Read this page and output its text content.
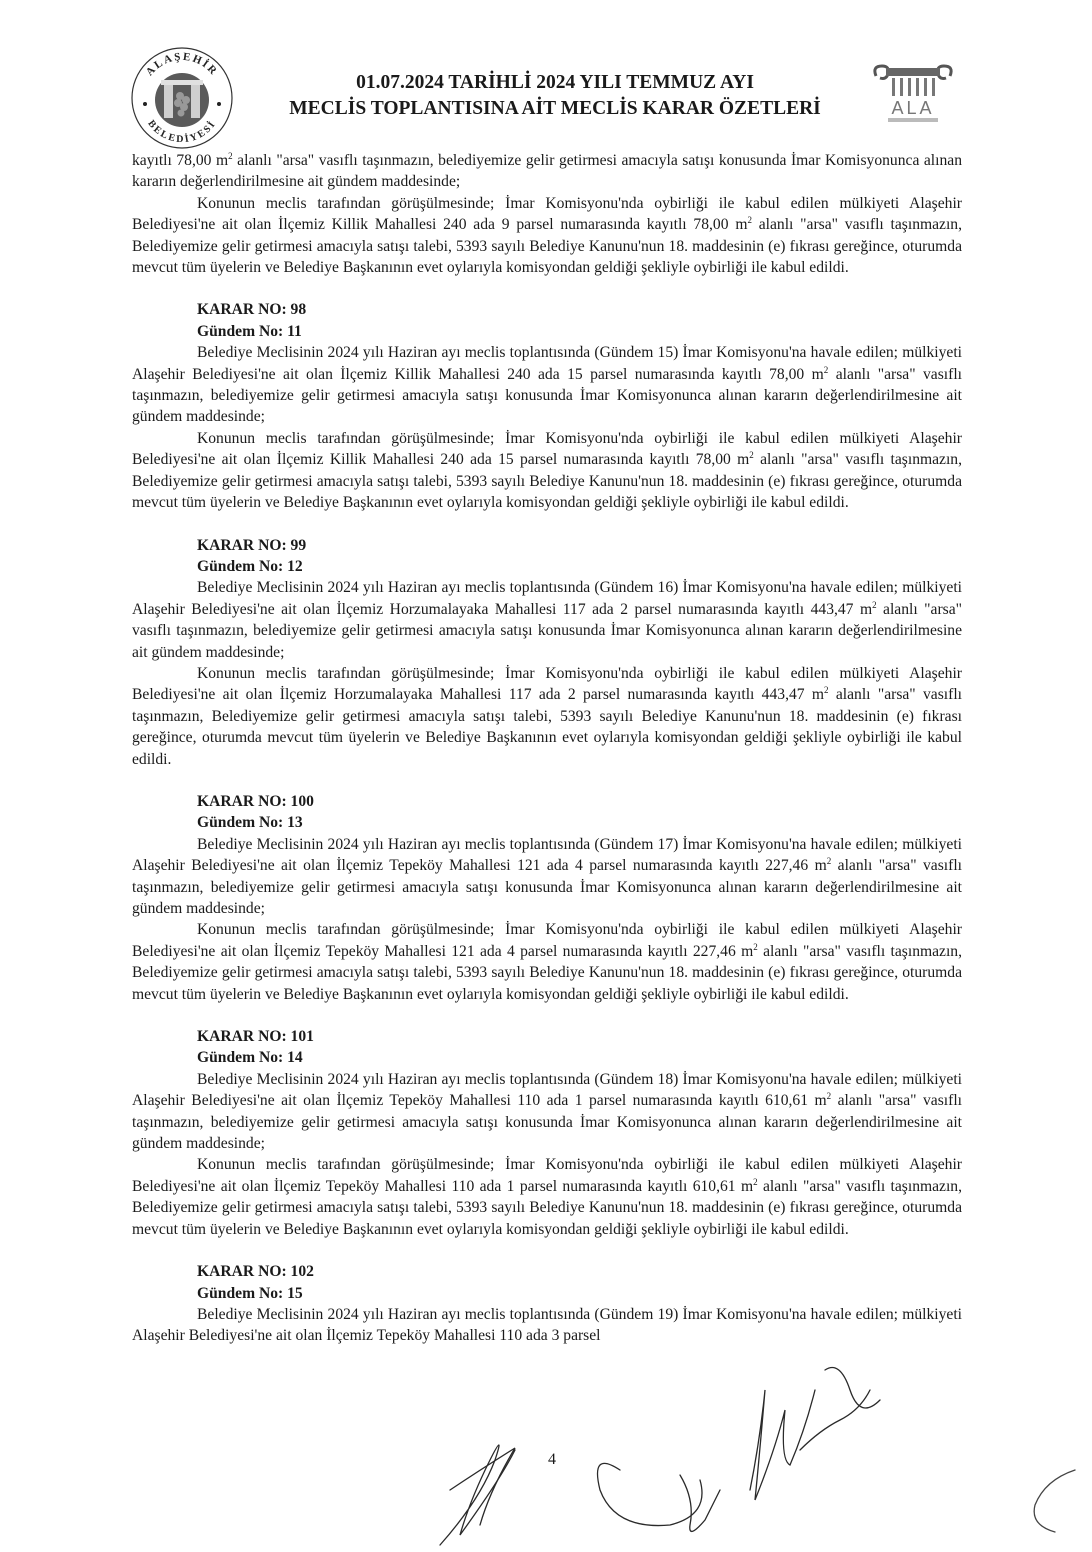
ALAŞEHİR
BELEDİYESİ
01.07.2024 TARİHLİ 2024 YILI TEMMUZ AYI
MECLİS TOPLANTISINA AİT MECLİS KARAR ÖZETLERİ	ALA

kayıtlı 78,00 $m^2$ alanlı "arsa" vasıflı taşınmazın, belediyemize gelir getirmesi amacıyla satışı konusunda İmar Komisyonunca alınan kararın değerlendirilmesine ait gündem maddesinde;

Konunun meclis tarafından görüşülmesinde; İmar Komisyonu'nda oybirliği ile kabul edilen mülkiyeti Alaşehir Belediyesi'ne ait olan İlçemiz Killik Mahallesi 240 ada 9 parsel numarasında kayıtlı 78,00 $m^2$ alanlı "arsa" vasıflı taşınmazın, Belediyemize gelir getirmesi amacıyla satışı talebi, 5393 sayılı Belediye Kanunu'nun 18. maddesinin (e) fıkrası gereğince, oturumda mevcut tüm üyelerin ve Belediye Başkanının evet oylarıyla komisyondan geldiği şekliyle oybirliği ile kabul edildi.

KARAR NO: 98
Gündem No: 11

Belediye Meclisinin 2024 yılı Haziran ayı meclis toplantısında (Gündem 15) İmar Komisyonu'na havale edilen; mülkiyeti Alaşehir Belediyesi'ne ait olan İlçemiz Killik Mahallesi 240 ada 15 parsel numarasında kayıtlı 78,00 $m^2$ alanlı "arsa" vasıflı taşınmazın, belediyemize gelir getirmesi amacıyla satışı konusunda İmar Komisyonunca alınan kararın değerlendirilmesine ait gündem maddesinde;

Konunun meclis tarafından görüşülmesinde; İmar Komisyonu'nda oybirliği ile kabul edilen mülkiyeti Alaşehir Belediyesi'ne ait olan İlçemiz Killik Mahallesi 240 ada 15 parsel numarasında kayıtlı 78,00 $m^2$ alanlı "arsa" vasıflı taşınmazın, Belediyemize gelir getirmesi amacıyla satışı talebi, 5393 sayılı Belediye Kanunu'nun 18. maddesinin (e) fıkrası gereğince, oturumda mevcut tüm üyelerin ve Belediye Başkanının evet oylarıyla komisyondan geldiği şekliyle oybirliği ile kabul edildi.

KARAR NO: 99
Gündem No: 12

Belediye Meclisinin 2024 yılı Haziran ayı meclis toplantısında (Gündem 16) İmar Komisyonu'na havale edilen; mülkiyeti Alaşehir Belediyesi'ne ait olan İlçemiz Horzumalayaka Mahallesi 117 ada 2 parsel numarasında kayıtlı 443,47 $m^2$ alanlı "arsa" vasıflı taşınmazın, belediyemize gelir getirmesi amacıyla satışı konusunda İmar Komisyonunca alınan kararın değerlendirilmesine ait gündem maddesinde;

Konunun meclis tarafından görüşülmesinde; İmar Komisyonu'nda oybirliği ile kabul edilen mülkiyeti Alaşehir Belediyesi'ne ait olan İlçemiz Horzumalayaka Mahallesi 117 ada 2 parsel numarasında kayıtlı 443,47 $m^2$ alanlı "arsa" vasıflı taşınmazın, Belediyemize gelir getirmesi amacıyla satışı talebi, 5393 sayılı Belediye Kanunu'nun 18. maddesinin (e) fıkrası gereğince, oturumda mevcut tüm üyelerin ve Belediye Başkanının evet oylarıyla komisyondan geldiği şekliyle oybirliği ile kabul edildi.

KARAR NO: 100
Gündem No: 13

Belediye Meclisinin 2024 yılı Haziran ayı meclis toplantısında (Gündem 17) İmar Komisyonu'na havale edilen; mülkiyeti Alaşehir Belediyesi'ne ait olan İlçemiz Tepeköy Mahallesi 121 ada 4 parsel numarasında kayıtlı 227,46 $m^2$ alanlı "arsa" vasıflı taşınmazın, belediyemize gelir getirmesi amacıyla satışı konusunda İmar Komisyonunca alınan kararın değerlendirilmesine ait gündem maddesinde;

Konunun meclis tarafından görüşülmesinde; İmar Komisyonu'nda oybirliği ile kabul edilen mülkiyeti Alaşehir Belediyesi'ne ait olan İlçemiz Tepeköy Mahallesi 121 ada 4 parsel numarasında kayıtlı 227,46 $m^2$ alanlı "arsa" vasıflı taşınmazın, Belediyemize gelir getirmesi amacıyla satışı talebi, 5393 sayılı Belediye Kanunu'nun 18. maddesinin (e) fıkrası gereğince, oturumda mevcut tüm üyelerin ve Belediye Başkanının evet oylarıyla komisyondan geldiği şekliyle oybirliği ile kabul edildi.

KARAR NO: 101
Gündem No: 14

Belediye Meclisinin 2024 yılı Haziran ayı meclis toplantısında (Gündem 18) İmar Komisyonu'na havale edilen; mülkiyeti Alaşehir Belediyesi'ne ait olan İlçemiz Tepeköy Mahallesi 110 ada 1 parsel numarasında kayıtlı 610,61 $m^2$ alanlı "arsa" vasıflı taşınmazın, belediyemize gelir getirmesi amacıyla satışı konusunda İmar Komisyonunca alınan kararın değerlendirilmesine ait gündem maddesinde;

Konunun meclis tarafından görüşülmesinde; İmar Komisyonu'nda oybirliği ile kabul edilen mülkiyeti Alaşehir Belediyesi'ne ait olan İlçemiz Tepeköy Mahallesi 110 ada 1 parsel numarasında kayıtlı 610,61 $m^2$ alanlı "arsa" vasıflı taşınmazın, Belediyemize gelir getirmesi amacıyla satışı talebi, 5393 sayılı Belediye Kanunu'nun 18. maddesinin (e) fıkrası gereğince, oturumda mevcut tüm üyelerin ve Belediye Başkanının evet oylarıyla komisyondan geldiği şekliyle oybirliği ile kabul edildi.

KARAR NO: 102
Gündem No: 15

Belediye Meclisinin 2024 yılı Haziran ayı meclis toplantısında (Gündem 19) İmar Komisyonu'na havale edilen; mülkiyeti Alaşehir Belediyesi'ne ait olan İlçemiz Tepeköy Mahallesi 110 ada 3 parsel

4
